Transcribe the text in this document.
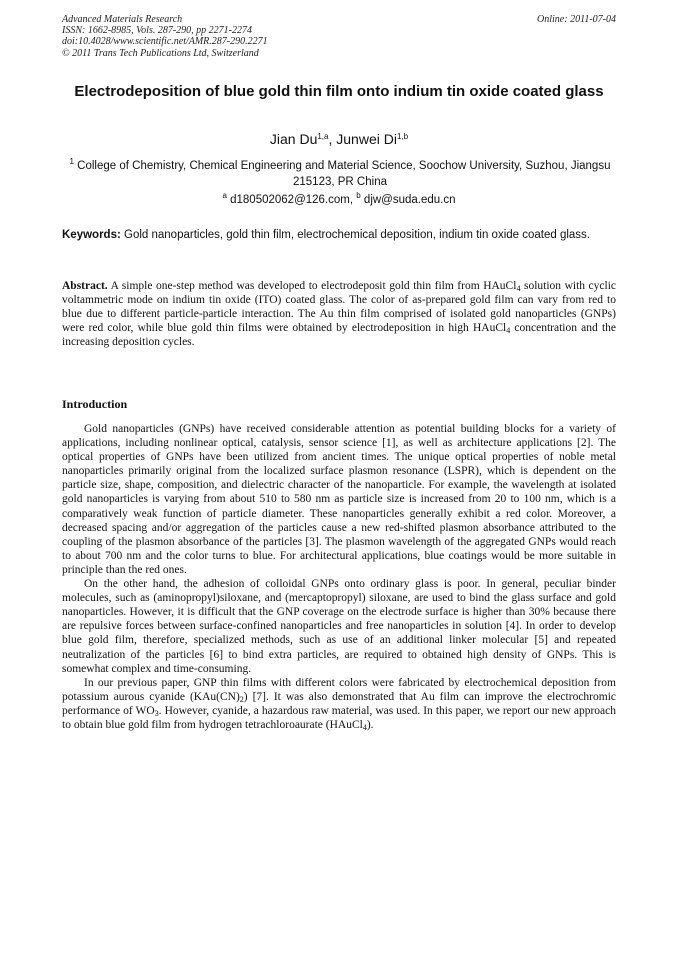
Advanced Materials Research
ISSN: 1662-8985, Vols. 287-290, pp 2271-2274
doi:10.4028/www.scientific.net/AMR.287-290.2271
© 2011 Trans Tech Publications Ltd, Switzerland
Online: 2011-07-04
Electrodeposition of blue gold thin film onto indium tin oxide coated glass
Jian Du$^{1,a}$, Junwei Di$^{1,b}$
$^1$ College of Chemistry, Chemical Engineering and Material Science, Soochow University, Suzhou, Jiangsu 215123, PR China
$^a$ d180502062@126.com, $^b$ djw@suda.edu.cn
Keywords: Gold nanoparticles, gold thin film, electrochemical deposition, indium tin oxide coated glass.
Abstract. A simple one-step method was developed to electrodeposit gold thin film from HAuCl$_4$ solution with cyclic voltammetric mode on indium tin oxide (ITO) coated glass. The color of as-prepared gold film can vary from red to blue due to different particle-particle interaction. The Au thin film comprised of isolated gold nanoparticles (GNPs) were red color, while blue gold thin films were obtained by electrodeposition in high HAuCl$_4$ concentration and the increasing deposition cycles.
Introduction

Gold nanoparticles (GNPs) have received considerable attention as potential building blocks for a variety of applications, including nonlinear optical, catalysis, sensor science [1], as well as architecture applications [2]. The optical properties of GNPs have been utilized from ancient times. The unique optical properties of noble metal nanoparticles primarily original from the localized surface plasmon resonance (LSPR), which is dependent on the particle size, shape, composition, and dielectric character of the nanoparticle. For example, the wavelength at isolated gold nanoparticles is varying from about 510 to 580 nm as particle size is increased from 20 to 100 nm, which is a comparatively weak function of particle diameter. These nanoparticles generally exhibit a red color. Moreover, a decreased spacing and/or aggregation of the particles cause a new red-shifted plasmon absorbance attributed to the coupling of the plasmon absorbance of the particles [3]. The plasmon wavelength of the aggregated GNPs would reach to about 700 nm and the color turns to blue. For architectural applications, blue coatings would be more suitable in principle than the red ones.

On the other hand, the adhesion of colloidal GNPs onto ordinary glass is poor. In general, peculiar binder molecules, such as (aminopropyl)siloxane, and (mercaptopropyl) siloxane, are used to bind the glass surface and gold nanoparticles. However, it is difficult that the GNP coverage on the electrode surface is higher than 30% because there are repulsive forces between surface-confined nanoparticles and free nanoparticles in solution [4]. In order to develop blue gold film, therefore, specialized methods, such as use of an additional linker molecular [5] and repeated neutralization of the particles [6] to bind extra particles, are required to obtained high density of GNPs. This is somewhat complex and time-consuming.

In our previous paper, GNP thin films with different colors were fabricated by electrochemical deposition from potassium aurous cyanide $(KAu(CN)_2)$ [7]. It was also demonstrated that Au film can improve the electrochromic performance of $WO_3$. However, cyanide, a hazardous raw material, was used. In this paper, we report our new approach to obtain blue gold film from hydrogen tetrachloroaurate (HAuCl$_4$).
